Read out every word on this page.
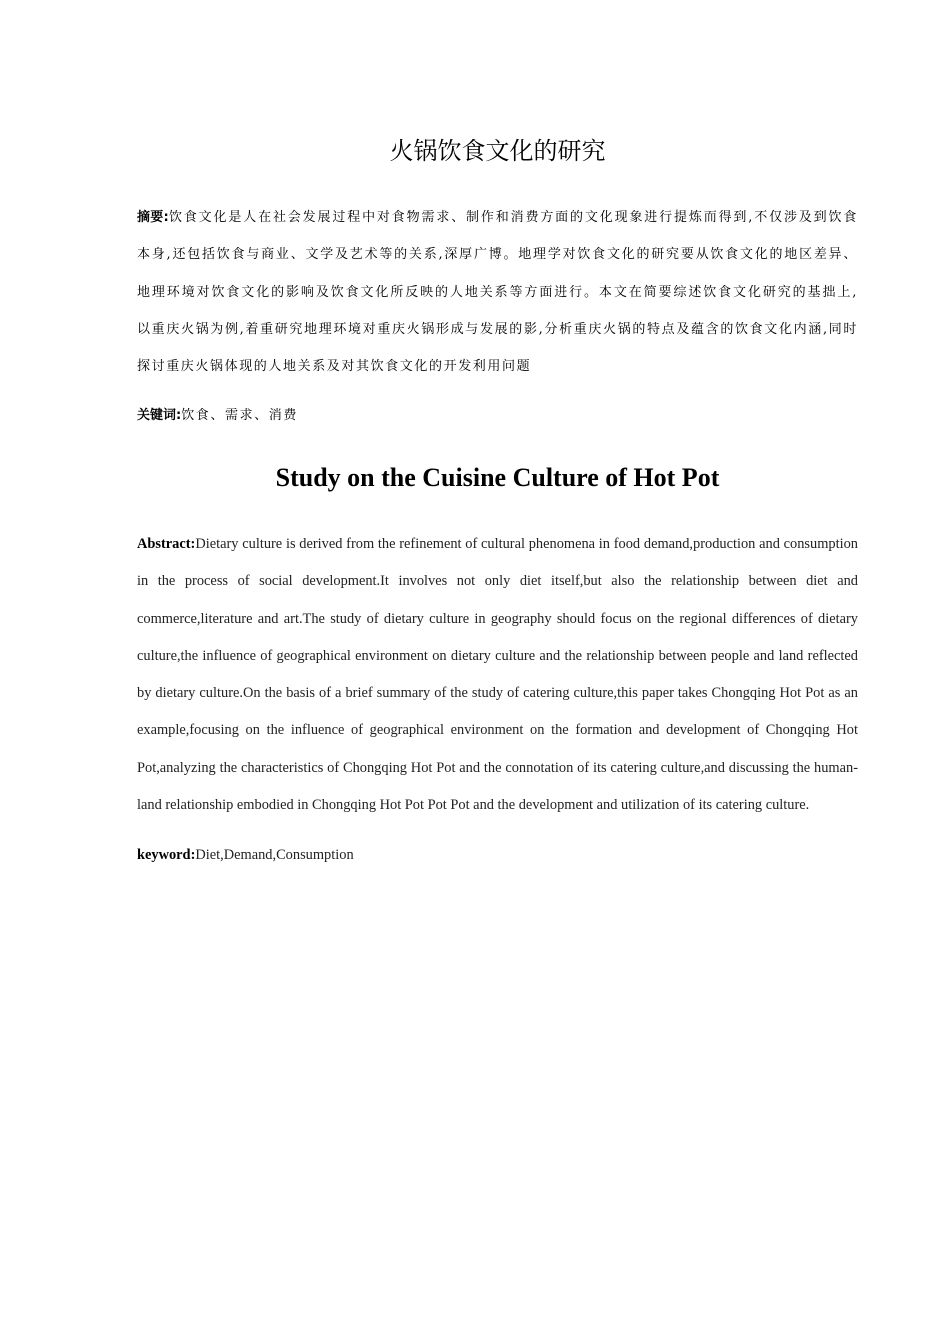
火锅饮食文化的研究

摘要:饮食文化是人在社会发展过程中对食物需求、制作和消费方面的文化现象进行提炼而得到,不仅涉及到饮食本身,还包括饮食与商业、文学及艺术等的关系,深厚广博。地理学对饮食文化的研究要从饮食文化的地区差异、地理环境对饮食文化的影响及饮食文化所反映的人地关系等方面进行。本文在简要综述饮食文化研究的基拙上,以重庆火锅为例,着重研究地理环境对重庆火锅形成与发展的影,分析重庆火锅的特点及蕴含的饮食文化内涵,同时探讨重庆火锅体现的人地关系及对其饮食文化的开发利用问题

关键词:饮食、需求、消费

Study on the Cuisine Culture of Hot Pot

Abstract:Dietary culture is derived from the refinement of cultural phenomena in food demand,production and consumption in the process of social development.It involves not only diet itself,but also the relationship between diet and commerce,literature and art.The study of dietary culture in geography should focus on the regional differences of dietary culture,the influence of geographical environment on dietary culture and the relationship between people and land reflected by dietary culture.On the basis of a brief summary of the study of catering culture,this paper takes Chongqing Hot Pot as an example,focusing on the influence of geographical environment on the formation and development of Chongqing Hot Pot,analyzing the characteristics of Chongqing Hot Pot and the connotation of its catering culture,and discussing the human-land relationship embodied in Chongqing Hot Pot Pot Pot and the development and utilization of its catering culture.

keyword:Diet,Demand,Consumption
